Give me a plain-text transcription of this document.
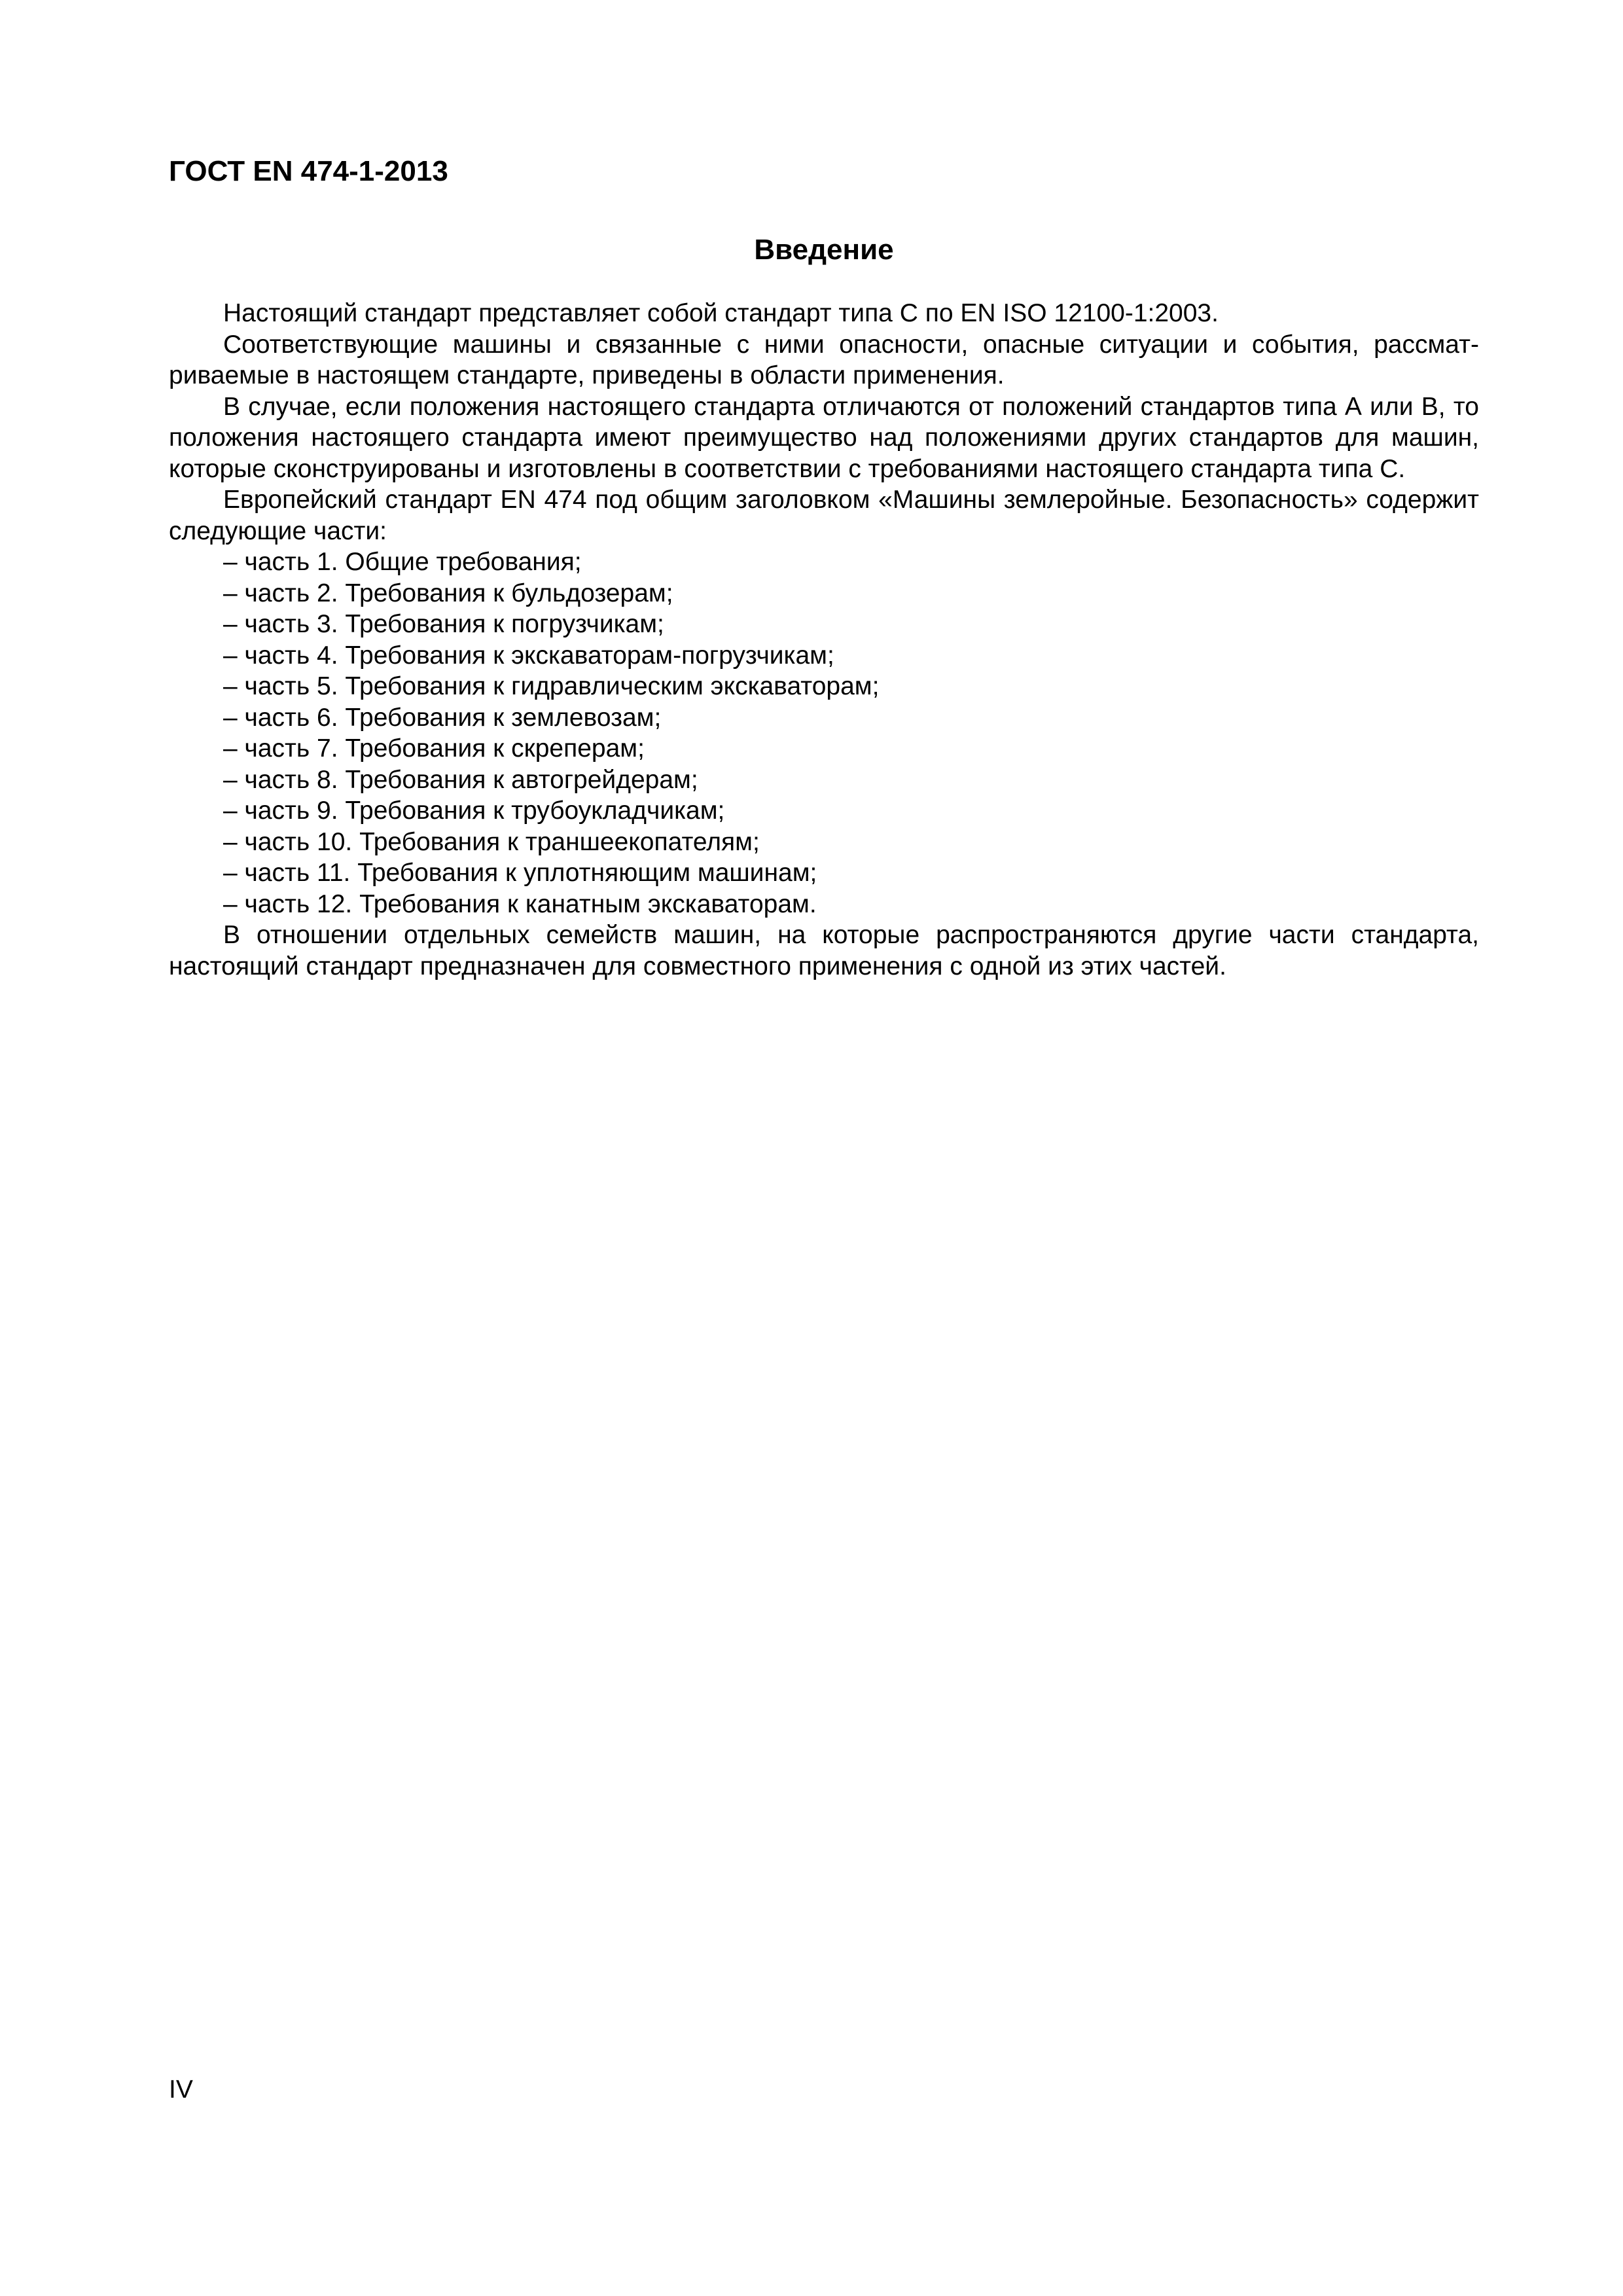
ГОСТ EN 474-1-2013
Введение

Настоящий стандарт представляет собой стандарт типа С по EN ISO 12100-1:2003.

Соответствующие машины и связанные с ними опасности, опасные ситуации и события, рассматриваемые в настоящем стандарте, приведены в области применения.

В случае, если положения настоящего стандарта отличаются от положений стандартов типа А или В, то положения настоящего стандарта имеют преимущество над положениями других стандартов для машин, которые сконструированы и изготовлены в соответствии с требованиями настоящего стандарта типа С.

Европейский стандарт EN 474 под общим заголовком «Машины землеройные. Безопасность» содержит следующие части:

– часть 1. Общие требования;
– часть 2. Требования к бульдозерам;
– часть 3. Требования к погрузчикам;
– часть 4. Требования к экскаваторам-погрузчикам;
– часть 5. Требования к гидравлическим экскаваторам;
– часть 6. Требования к землевозам;
– часть 7. Требования к скреперам;
– часть 8. Требования к автогрейдерам;
– часть 9. Требования к трубоукладчикам;
– часть 10. Требования к траншеекопателям;
– часть 11. Требования к уплотняющим машинам;
– часть 12. Требования к канатным экскаваторам.

В отношении отдельных семейств машин, на которые распространяются другие части стандарта, настоящий стандарт предназначен для совместного применения с одной из этих частей.

IV
